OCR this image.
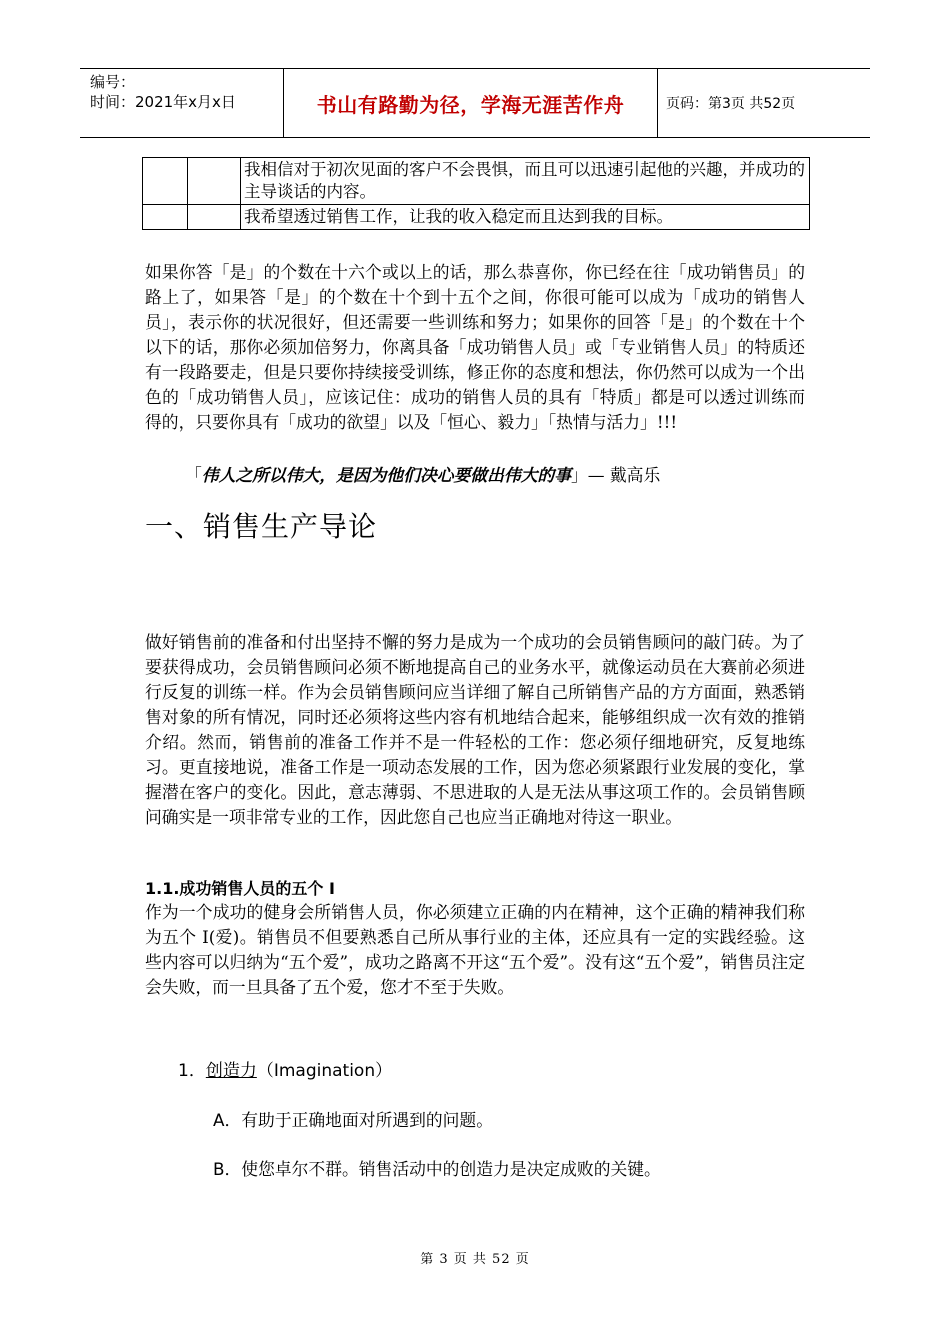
编号：
时间：2021年x月x日	书山有路勤为径，学海无涯苦作舟	页码：第3页 共52页
		我相信对于初次见面的客户不会畏惧，而且可以迅速引起他的兴趣，并成功的主导谈话的内容。
		我希望透过销售工作，让我的收入稳定而且达到我的目标。
如果你答「是」的个数在十六个或以上的话，那么恭喜你，你已经在往「成功销售员」的路上了，如果答「是」的个数在十个到十五个之间，你很可能可以成为「成功的销售人员」，表示你的状况很好，但还需要一些训练和努力；如果你的回答「是」的个数在十个以下的话，那你必须加倍努力，你离具备「成功销售人员」或「专业销售人员」的特质还有一段路要走，但是只要你持续接受训练，修正你的态度和想法，你仍然可以成为一个出色的「成功销售人员」，应该记住：成功的销售人员的具有「特质」都是可以透过训练而得的，只要你具有「成功的欲望」以及「恒心、毅力」「热情与活力」!!!
「伟人之所以伟大，是因为他们决心要做出伟大的事」— 戴高乐
一、销售生产导论
做好销售前的准备和付出坚持不懈的努力是成为一个成功的会员销售顾问的敲门砖。为了要获得成功，会员销售顾问必须不断地提高自己的业务水平，就像运动员在大赛前必须进行反复的训练一样。作为会员销售顾问应当详细了解自己所销售产品的方方面面，熟悉销售对象的所有情况，同时还必须将这些内容有机地结合起来，能够组织成一次有效的推销介绍。然而，销售前的准备工作并不是一件轻松的工作：您必须仔细地研究，反复地练习。更直接地说，准备工作是一项动态发展的工作，因为您必须紧跟行业发展的变化，掌握潜在客户的变化。因此，意志薄弱、不思进取的人是无法从事这项工作的。会员销售顾问确实是一项非常专业的工作，因此您自己也应当正确地对待这一职业。
1.1.成功销售人员的五个 I
作为一个成功的健身会所销售人员，你必须建立正确的内在精神，这个正确的精神我们称为五个 I(爱)。销售员不但要熟悉自己所从事行业的主体，还应具有一定的实践经验。这些内容可以归纳为“五个爱”，成功之路离不开这“五个爱”。没有这“五个爱”，销售员注定会失败，而一旦具备了五个爱，您才不至于失败。
1．创造力（Imagination）
A．有助于正确地面对所遇到的问题。
B．使您卓尔不群。销售活动中的创造力是决定成败的关键。
第 3 页 共 52 页
